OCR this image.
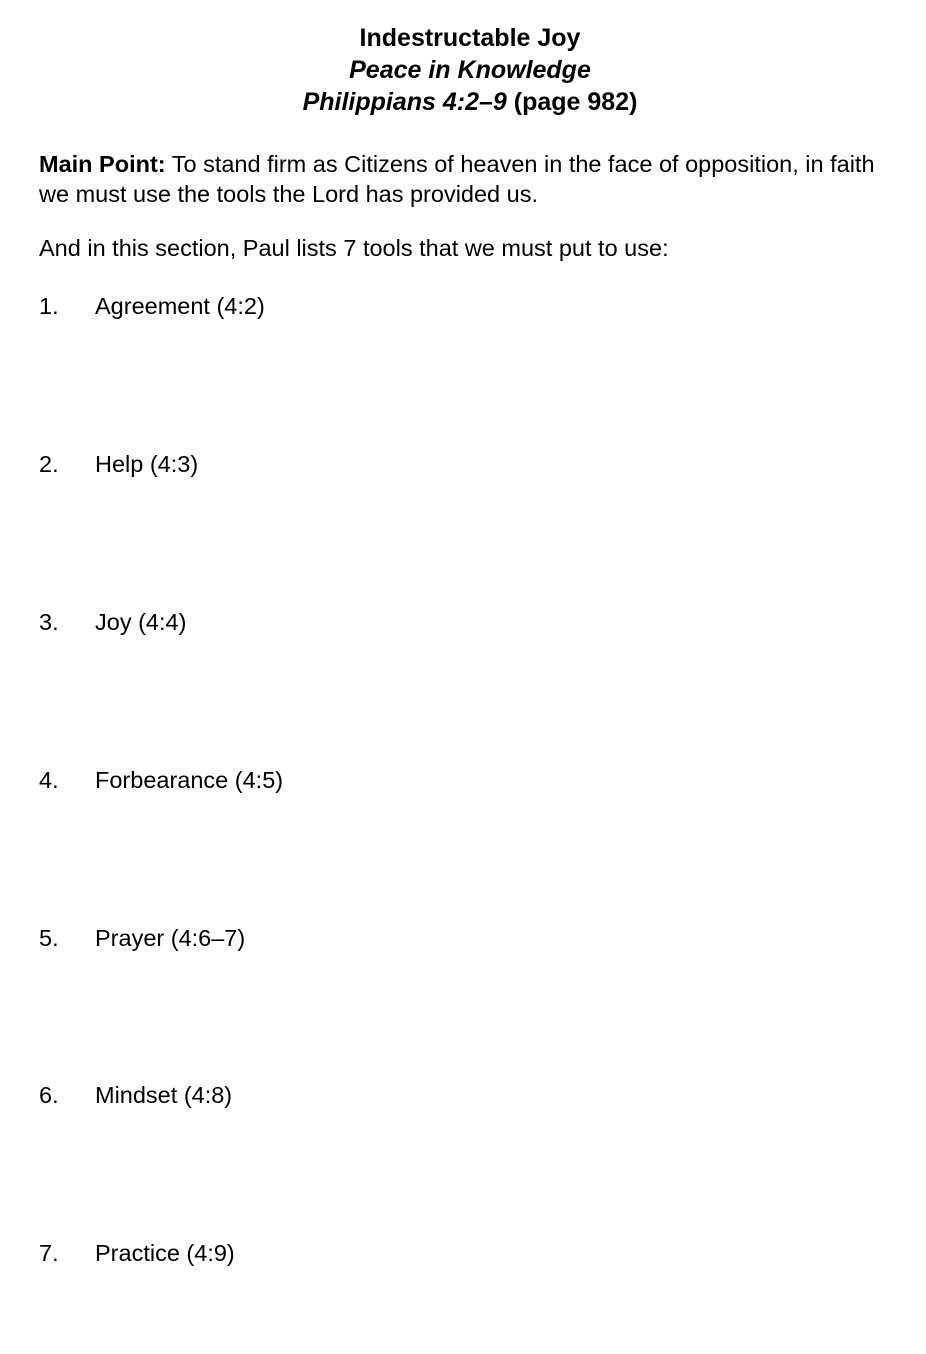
Indestructable Joy
Peace in Knowledge
Philippians 4:2–9 (page 982)
Main Point: To stand firm as Citizens of heaven in the face of opposition, in faith we must use the tools the Lord has provided us.
And in this section, Paul lists 7 tools that we must put to use:
1. Agreement (4:2)
2. Help (4:3)
3. Joy (4:4)
4. Forbearance (4:5)
5. Prayer (4:6–7)
6. Mindset (4:8)
7. Practice (4:9)
